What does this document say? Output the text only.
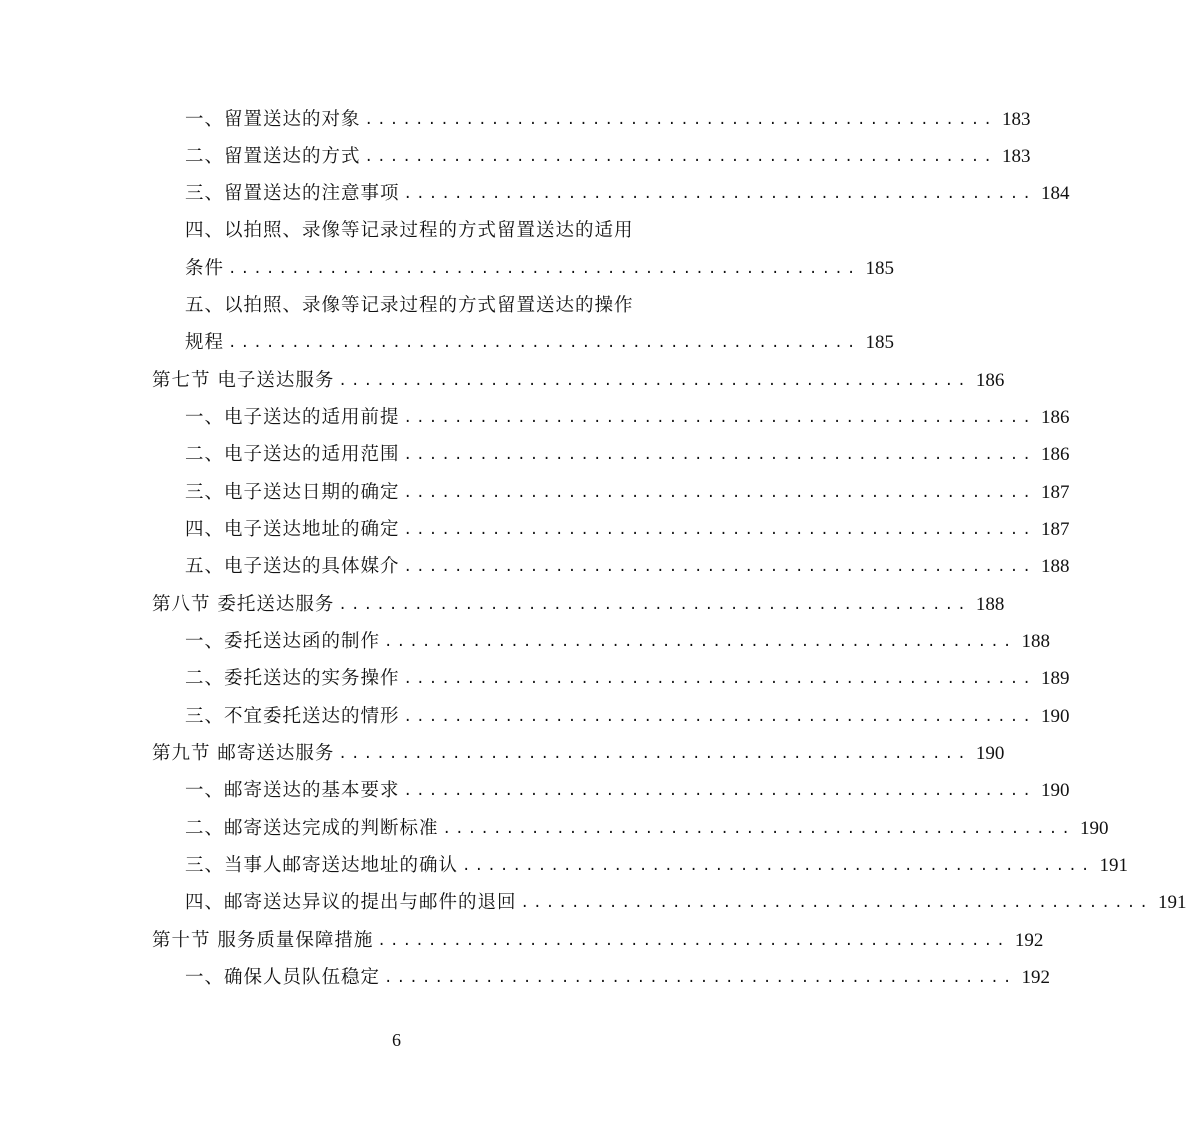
一、留置送达的对象 .................................................. 183
二、留置送达的方式 .................................................. 183
三、留置送达的注意事项 .................................................. 184
四、以拍照、录像等记录过程的方式留置送达的适用
条件 .................................................. 185
五、以拍照、录像等记录过程的方式留置送达的操作
规程 .................................................. 185
第七节 电子送达服务 .................................................. 186
一、电子送达的适用前提 .................................................. 186
二、电子送达的适用范围 .................................................. 186
三、电子送达日期的确定 .................................................. 187
四、电子送达地址的确定 .................................................. 187
五、电子送达的具体媒介 .................................................. 188
第八节 委托送达服务 .................................................. 188
一、委托送达函的制作 .................................................. 188
二、委托送达的实务操作 .................................................. 189
三、不宜委托送达的情形 .................................................. 190
第九节 邮寄送达服务 .................................................. 190
一、邮寄送达的基本要求 .................................................. 190
二、邮寄送达完成的判断标准 .................................................. 190
三、当事人邮寄送达地址的确认 .................................................. 191
四、邮寄送达异议的提出与邮件的退回 .................................................. 191
第十节 服务质量保障措施 .................................................. 192
一、确保人员队伍稳定 .................................................. 192
6
